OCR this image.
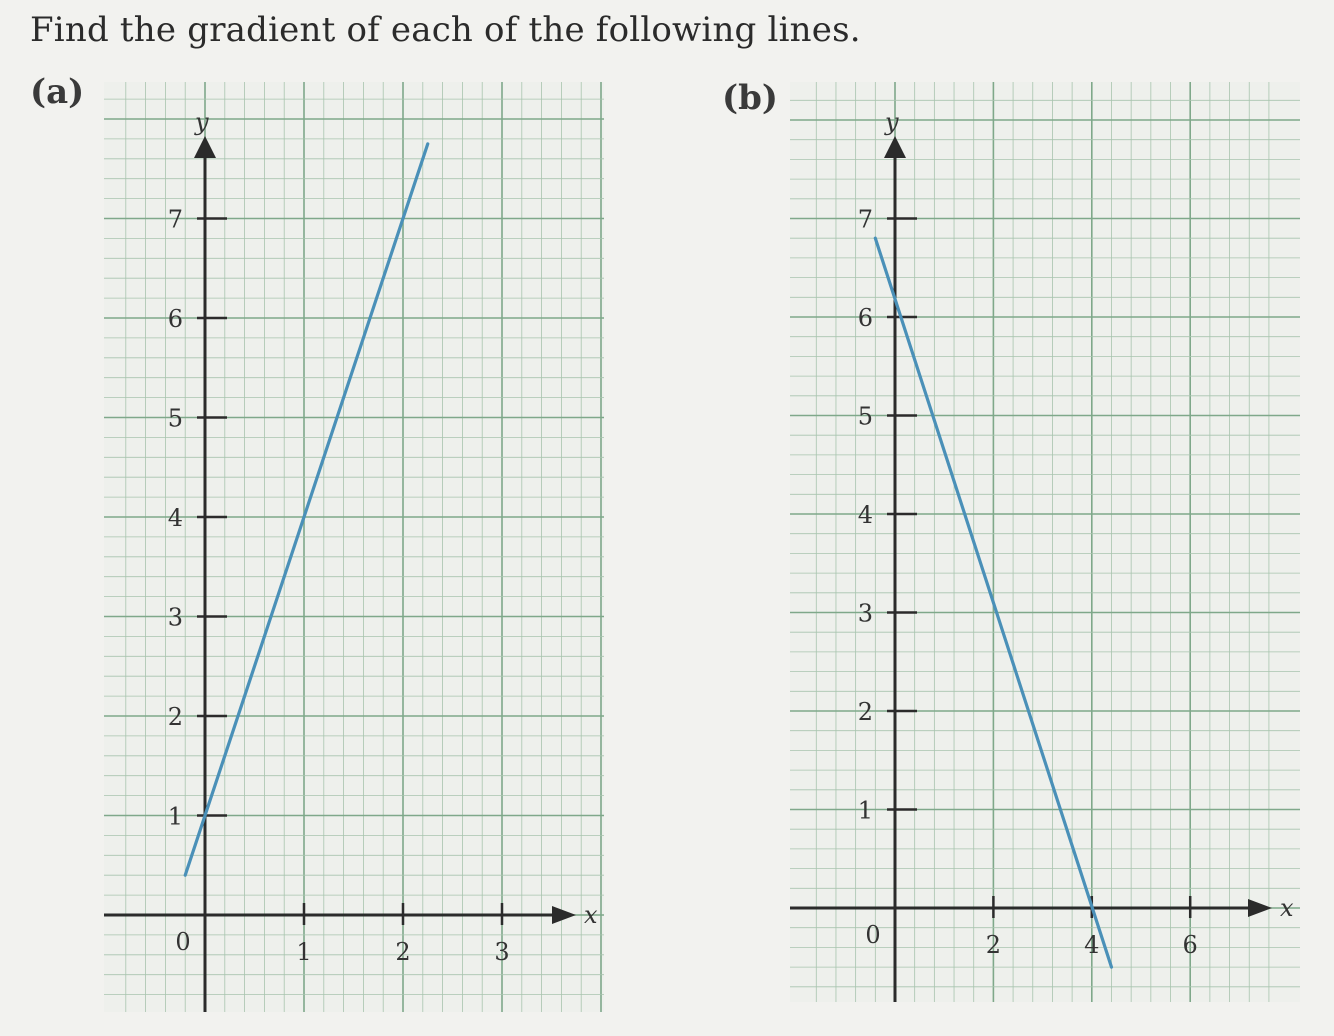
Find the gradient of each of the following lines.
(a)	(b)
x
y
1
2
3
4
5
6
7
1	2	3
0
x
y
1
2
3
4
5
6
7
2	4	6
0
